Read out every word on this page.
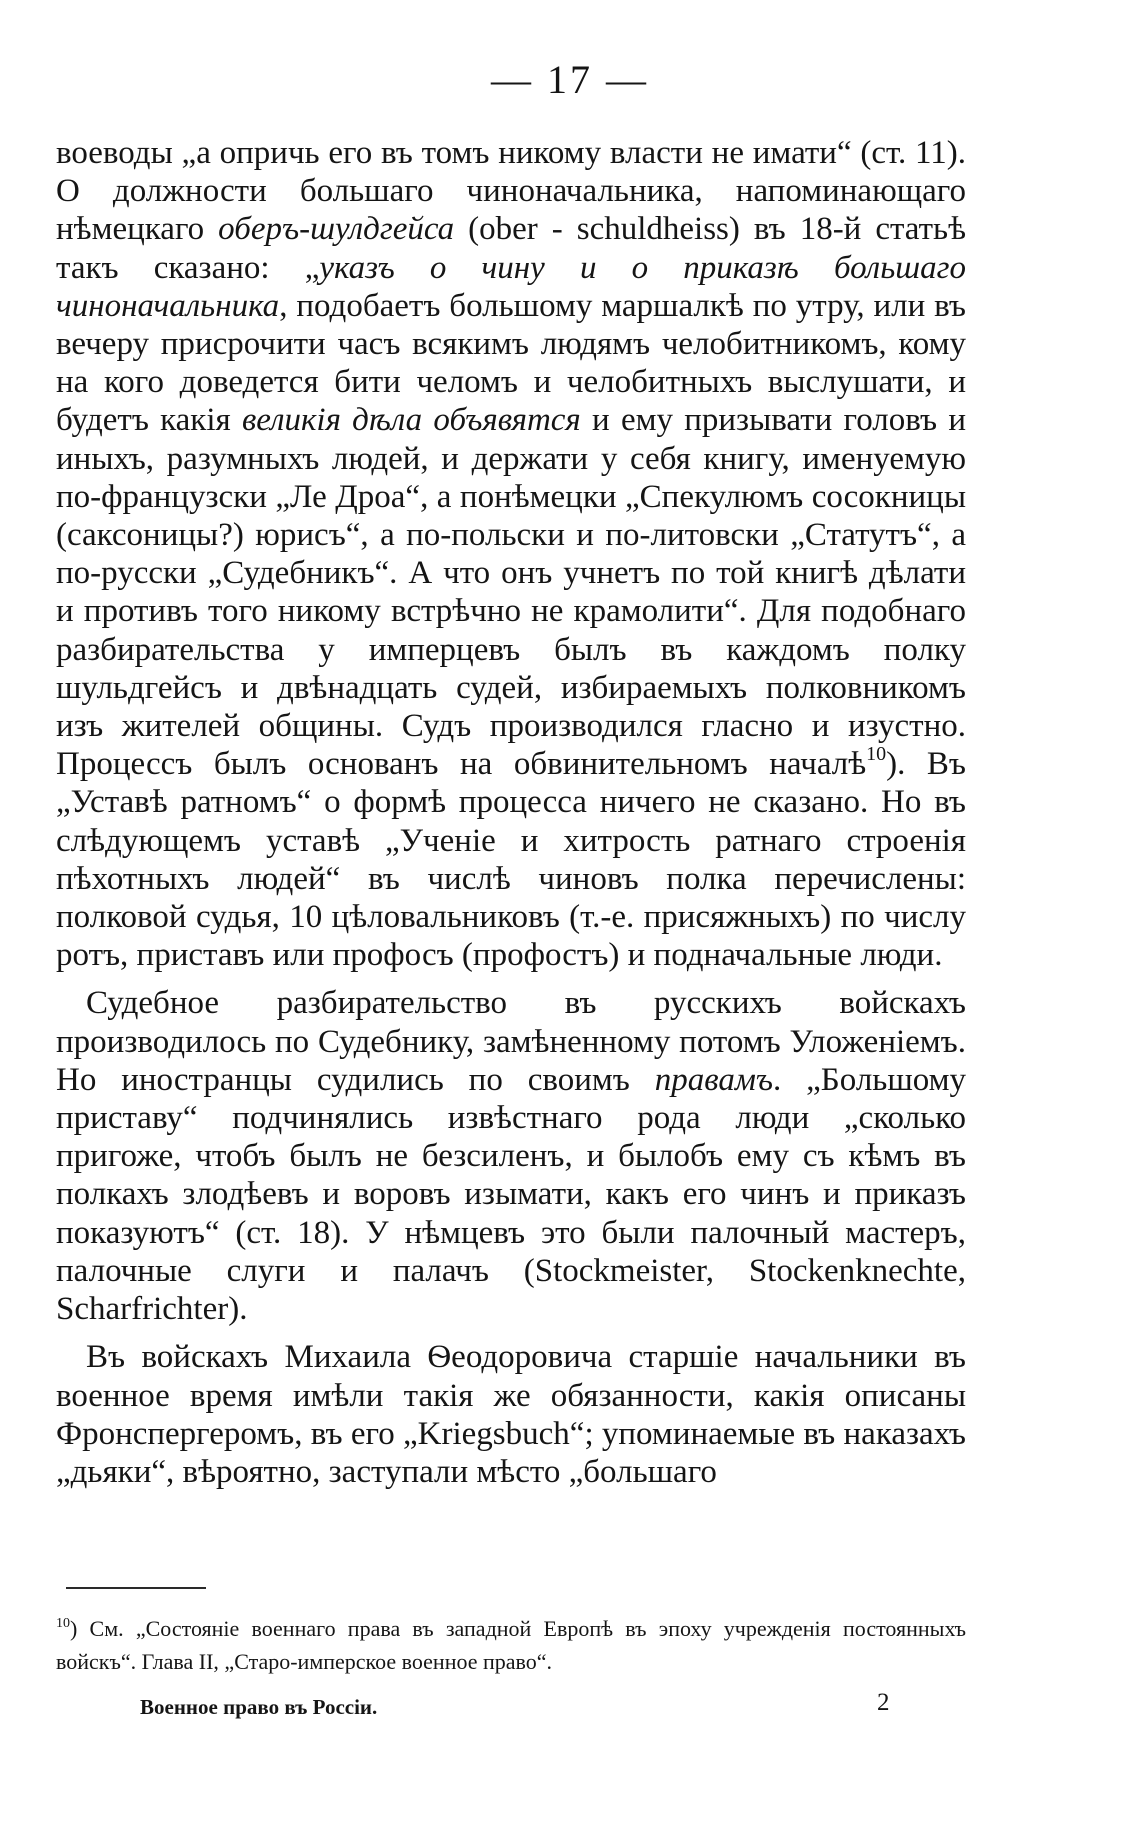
— 17 —

воеводы „а опричь его въ томъ никому власти не имати“ (ст. 11). О должности большаго чиноначальника, напоминающаго нѣмецкаго оберъ-шулдгейса (ober - schuldheiss) въ 18-й статьѣ такъ сказано: „указъ о чину и о приказѣ большаго чиноначальника, подобаетъ большому маршалкѣ по утру, или въ вечеру присрочити часъ всякимъ людямъ челобитникомъ, кому на кого доведется бити челомъ и челобитныхъ выслушати, и будетъ какія великія дѣла объявятся и ему призывати головъ и иныхъ, разумныхъ людей, и держати у себя книгу, именуемую по-французски „Ле Дроа“, а понѣмецки „Спекулюмъ сосокницы (саксоницы?) юрисъ“, а по-польски и по-литовски „Статутъ“, а по-русски „Судебникъ“. А что онъ учнетъ по той книгѣ дѣлати и противъ того никому встрѣчно не крамолити“. Для подобнаго разбирательства у имперцевъ былъ въ каждомъ полку шульдгейсъ и двѣнадцать судей, избираемыхъ полковникомъ изъ жителей общины. Судъ производился гласно и изустно. Процессъ былъ основанъ на обвинительномъ началѣ$^{10}$). Въ „Уставѣ ратномъ“ о формѣ процесса ничего не сказано. Но въ слѣдующемъ уставѣ „Ученіе и хитрость ратнаго строенія пѣхотныхъ людей“ въ числѣ чиновъ полка перечислены: полковой судья, 10 цѣловальниковъ (т.-е. присяжныхъ) по числу ротъ, приставъ или профосъ (профостъ) и подначальные люди.

Судебное разбирательство въ русскихъ войскахъ производилось по Судебнику, замѣненному потомъ Уложеніемъ. Но иностранцы судились по своимъ правамъ. „Большому приставу“ подчинялись извѣстнаго рода люди „сколько пригоже, чтобъ былъ не безсиленъ, и былобъ ему съ кѣмъ въ полкахъ злодѣевъ и воровъ изымати, какъ его чинъ и приказъ показуютъ“ (ст. 18). У нѣмцевъ это были палочный мастеръ, палочные слуги и палачъ (Stockmeister, Stockenknechte, Scharfrichter).

Въ войскахъ Михаила Ѳеодоровича старшіе начальники въ военное время имѣли такія же обязанности, какія описаны Фронспергеромъ, въ его „Kriegsbuch“; упоминаемые въ наказахъ „дьяки“, вѣроятно, заступали мѣсто „большаго

$^{10}$) См. „Состояніе военнаго права въ западной Европѣ въ эпоху учрежденія постоянныхъ войскъ“. Глава II, „Старо-имперское военное право“.
Военное право въ Россіи.	2
